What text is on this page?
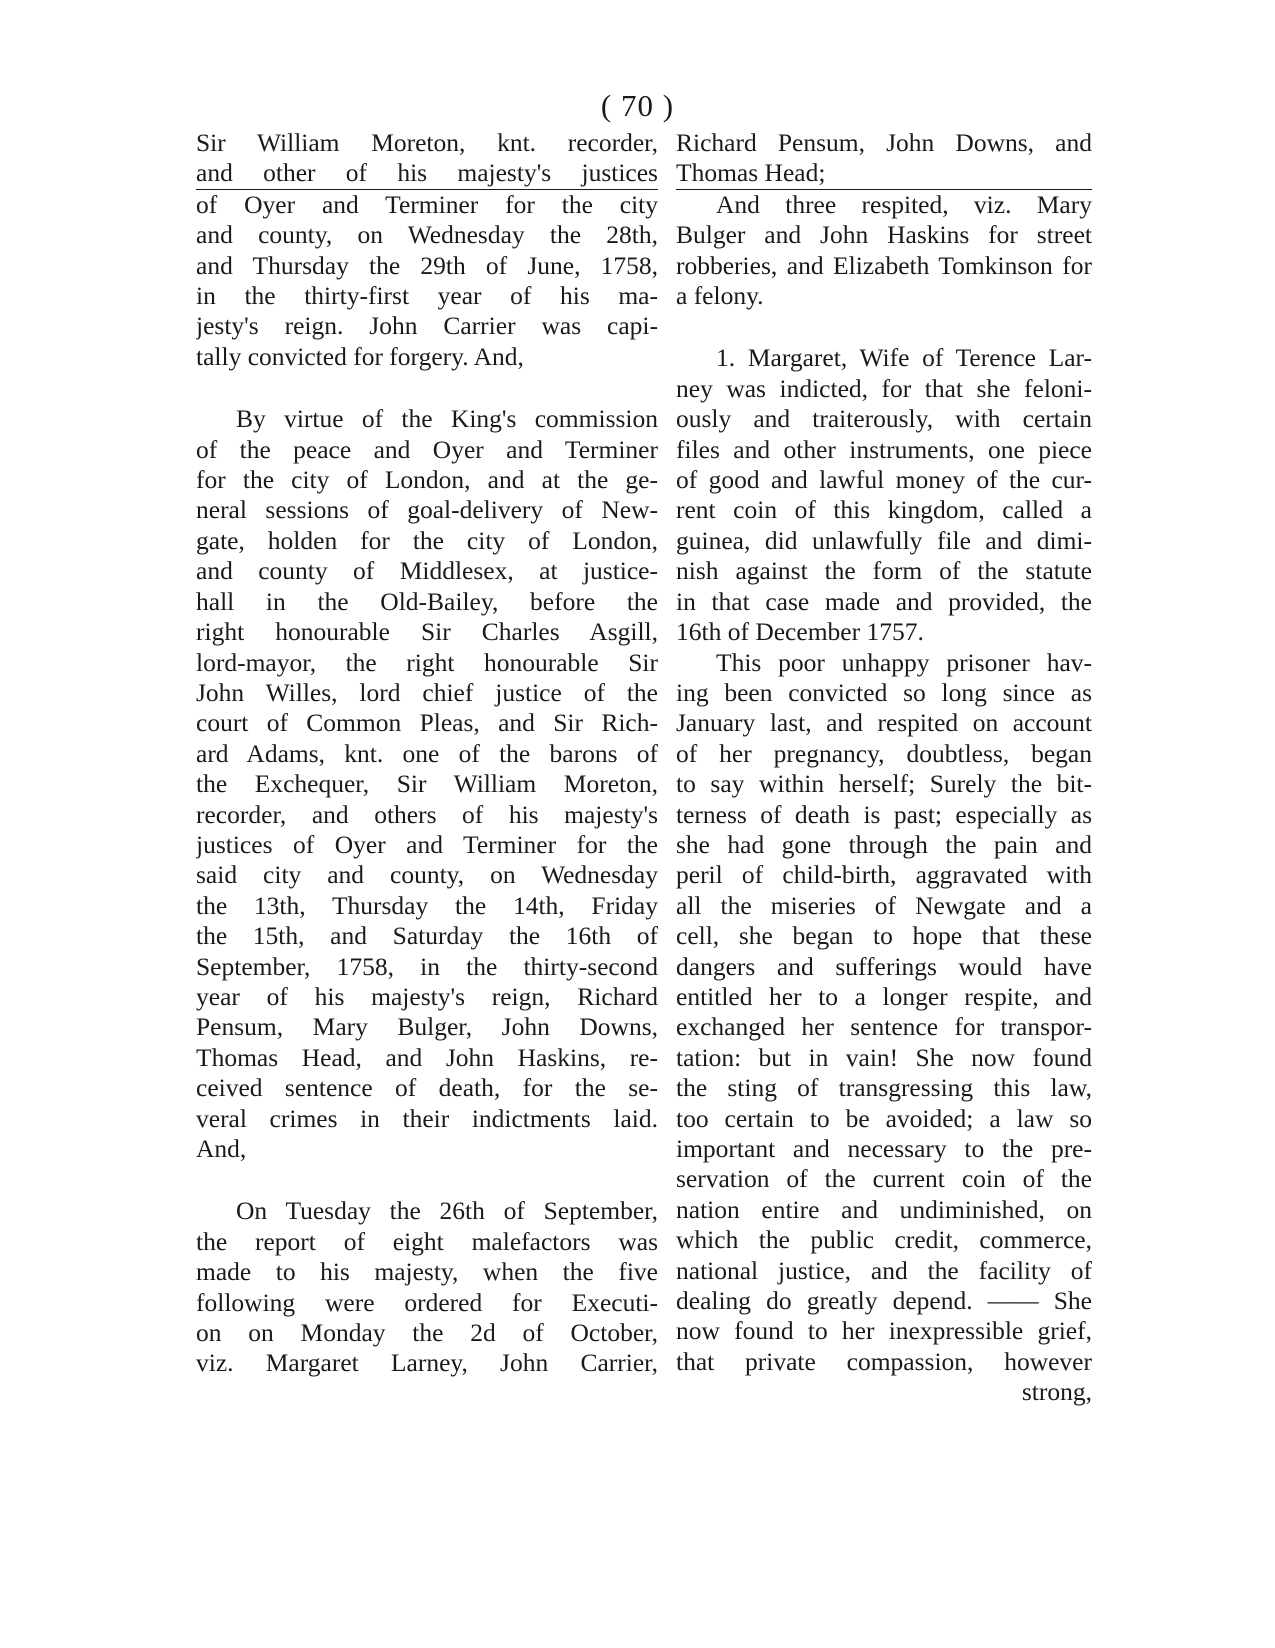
( 70 )
Sir William Moreton, knt. recorder,
and other of his majesty's justices
of Oyer and Terminer for the city
and county, on Wednesday the 28th,
and Thursday the 29th of June, 1758,
in the thirty-first year of his ma-
jesty's reign. John Carrier was capi-
tally convicted for forgery. And,
By virtue of the King's commission
of the peace and Oyer and Terminer
for the city of London, and at the ge-
neral sessions of goal-delivery of New-
gate, holden for the city of London,
and county of Middlesex, at justice-
hall in the Old-Bailey, before the
right honourable Sir Charles Asgill,
lord-mayor, the right honourable Sir
John Willes, lord chief justice of the
court of Common Pleas, and Sir Rich-
ard Adams, knt. one of the barons of
the Exchequer, Sir William Moreton,
recorder, and others of his majesty's
justices of Oyer and Terminer for the
said city and county, on Wednesday
the 13th, Thursday the 14th, Friday
the 15th, and Saturday the 16th of
September, 1758, in the thirty-second
year of his majesty's reign, Richard
Pensum, Mary Bulger, John Downs,
Thomas Head, and John Haskins, re-
ceived sentence of death, for the se-
veral crimes in their indictments laid.
And,
On Tuesday the 26th of September,
the report of eight malefactors was
made to his majesty, when the five
following were ordered for Executi-
on on Monday the 2d of October,
viz. Margaret Larney, John Carrier,
Richard Pensum, John Downs, and
Thomas Head;
And three respited, viz. Mary
Bulger and John Haskins for street
robberies, and Elizabeth Tomkinson for
a felony.
1. Margaret, Wife of Terence Lar-
ney was indicted, for that she feloni-
ously and traiterously, with certain
files and other instruments, one piece
of good and lawful money of the cur-
rent coin of this kingdom, called a
guinea, did unlawfully file and dimi-
nish against the form of the statute
in that case made and provided, the
16th of December 1757.
This poor unhappy prisoner hav-
ing been convicted so long since as
January last, and respited on account
of her pregnancy, doubtless, began
to say within herself; Surely the bit-
terness of death is past; especially as
she had gone through the pain and
peril of child-birth, aggravated with
all the miseries of Newgate and a
cell, she began to hope that these
dangers and sufferings would have
entitled her to a longer respite, and
exchanged her sentence for transpor-
tation: but in vain! She now found
the sting of transgressing this law,
too certain to be avoided; a law so
important and necessary to the pre-
servation of the current coin of the
nation entire and undiminished, on
which the public credit, commerce,
national justice, and the facility of
dealing do greatly depend. —— She
now found to her inexpressible grief,
that private compassion, however
strong,
